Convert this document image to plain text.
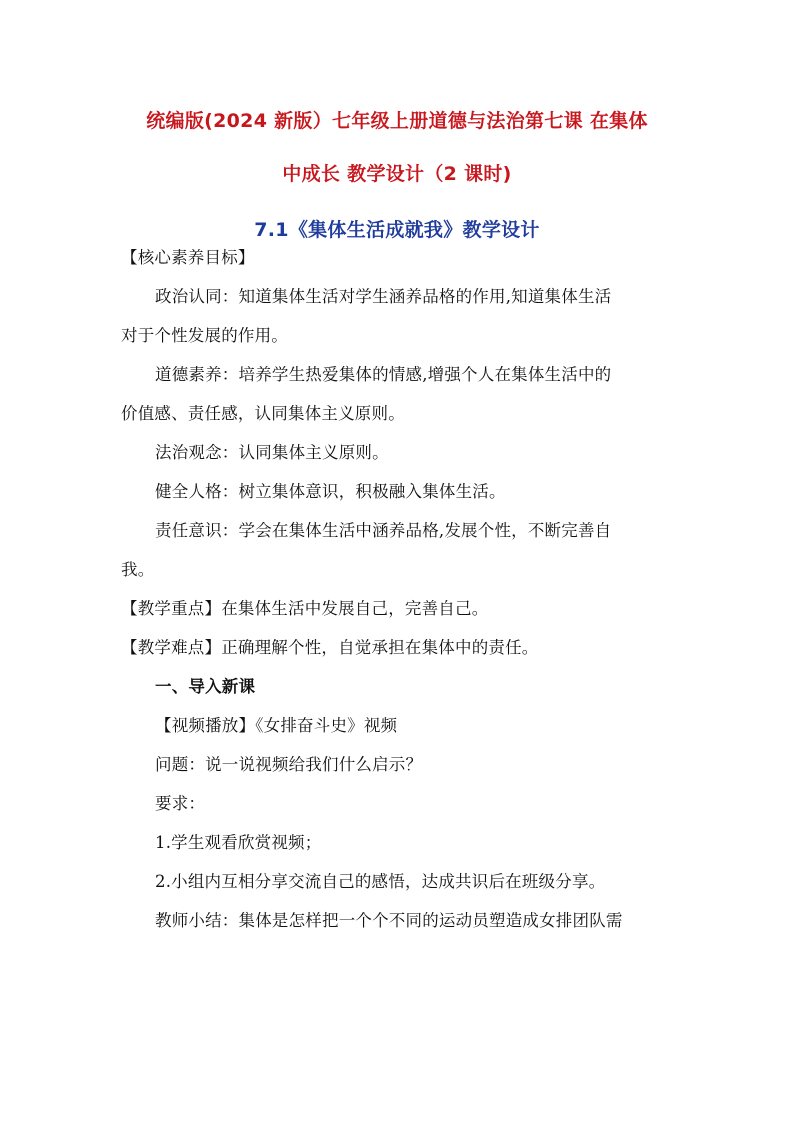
统编版(2024 新版）七年级上册道德与法治第七课 在集体
中成长 教学设计（2 课时)
7.1《集体生活成就我》教学设计
【核心素养目标】
政治认同：知道集体生活对学生涵养品格的作用,知道集体生活
对于个性发展的作用。
道德素养：培养学生热爱集体的情感,增强个人在集体生活中的
价值感、责任感，认同集体主义原则。
法治观念：认同集体主义原则。
健全人格：树立集体意识，积极融入集体生活。
责任意识：学会在集体生活中涵养品格,发展个性，不断完善自
我。
【教学重点】在集体生活中发展自己，完善自己。
【教学难点】正确理解个性，自觉承担在集体中的责任。
一、导入新课
【视频播放】《女排奋斗史》视频
问题：说一说视频给我们什么启示？
要求：
1.学生观看欣赏视频；
2.小组内互相分享交流自己的感悟，达成共识后在班级分享。
教师小结：集体是怎样把一个个不同的运动员塑造成女排团队需
